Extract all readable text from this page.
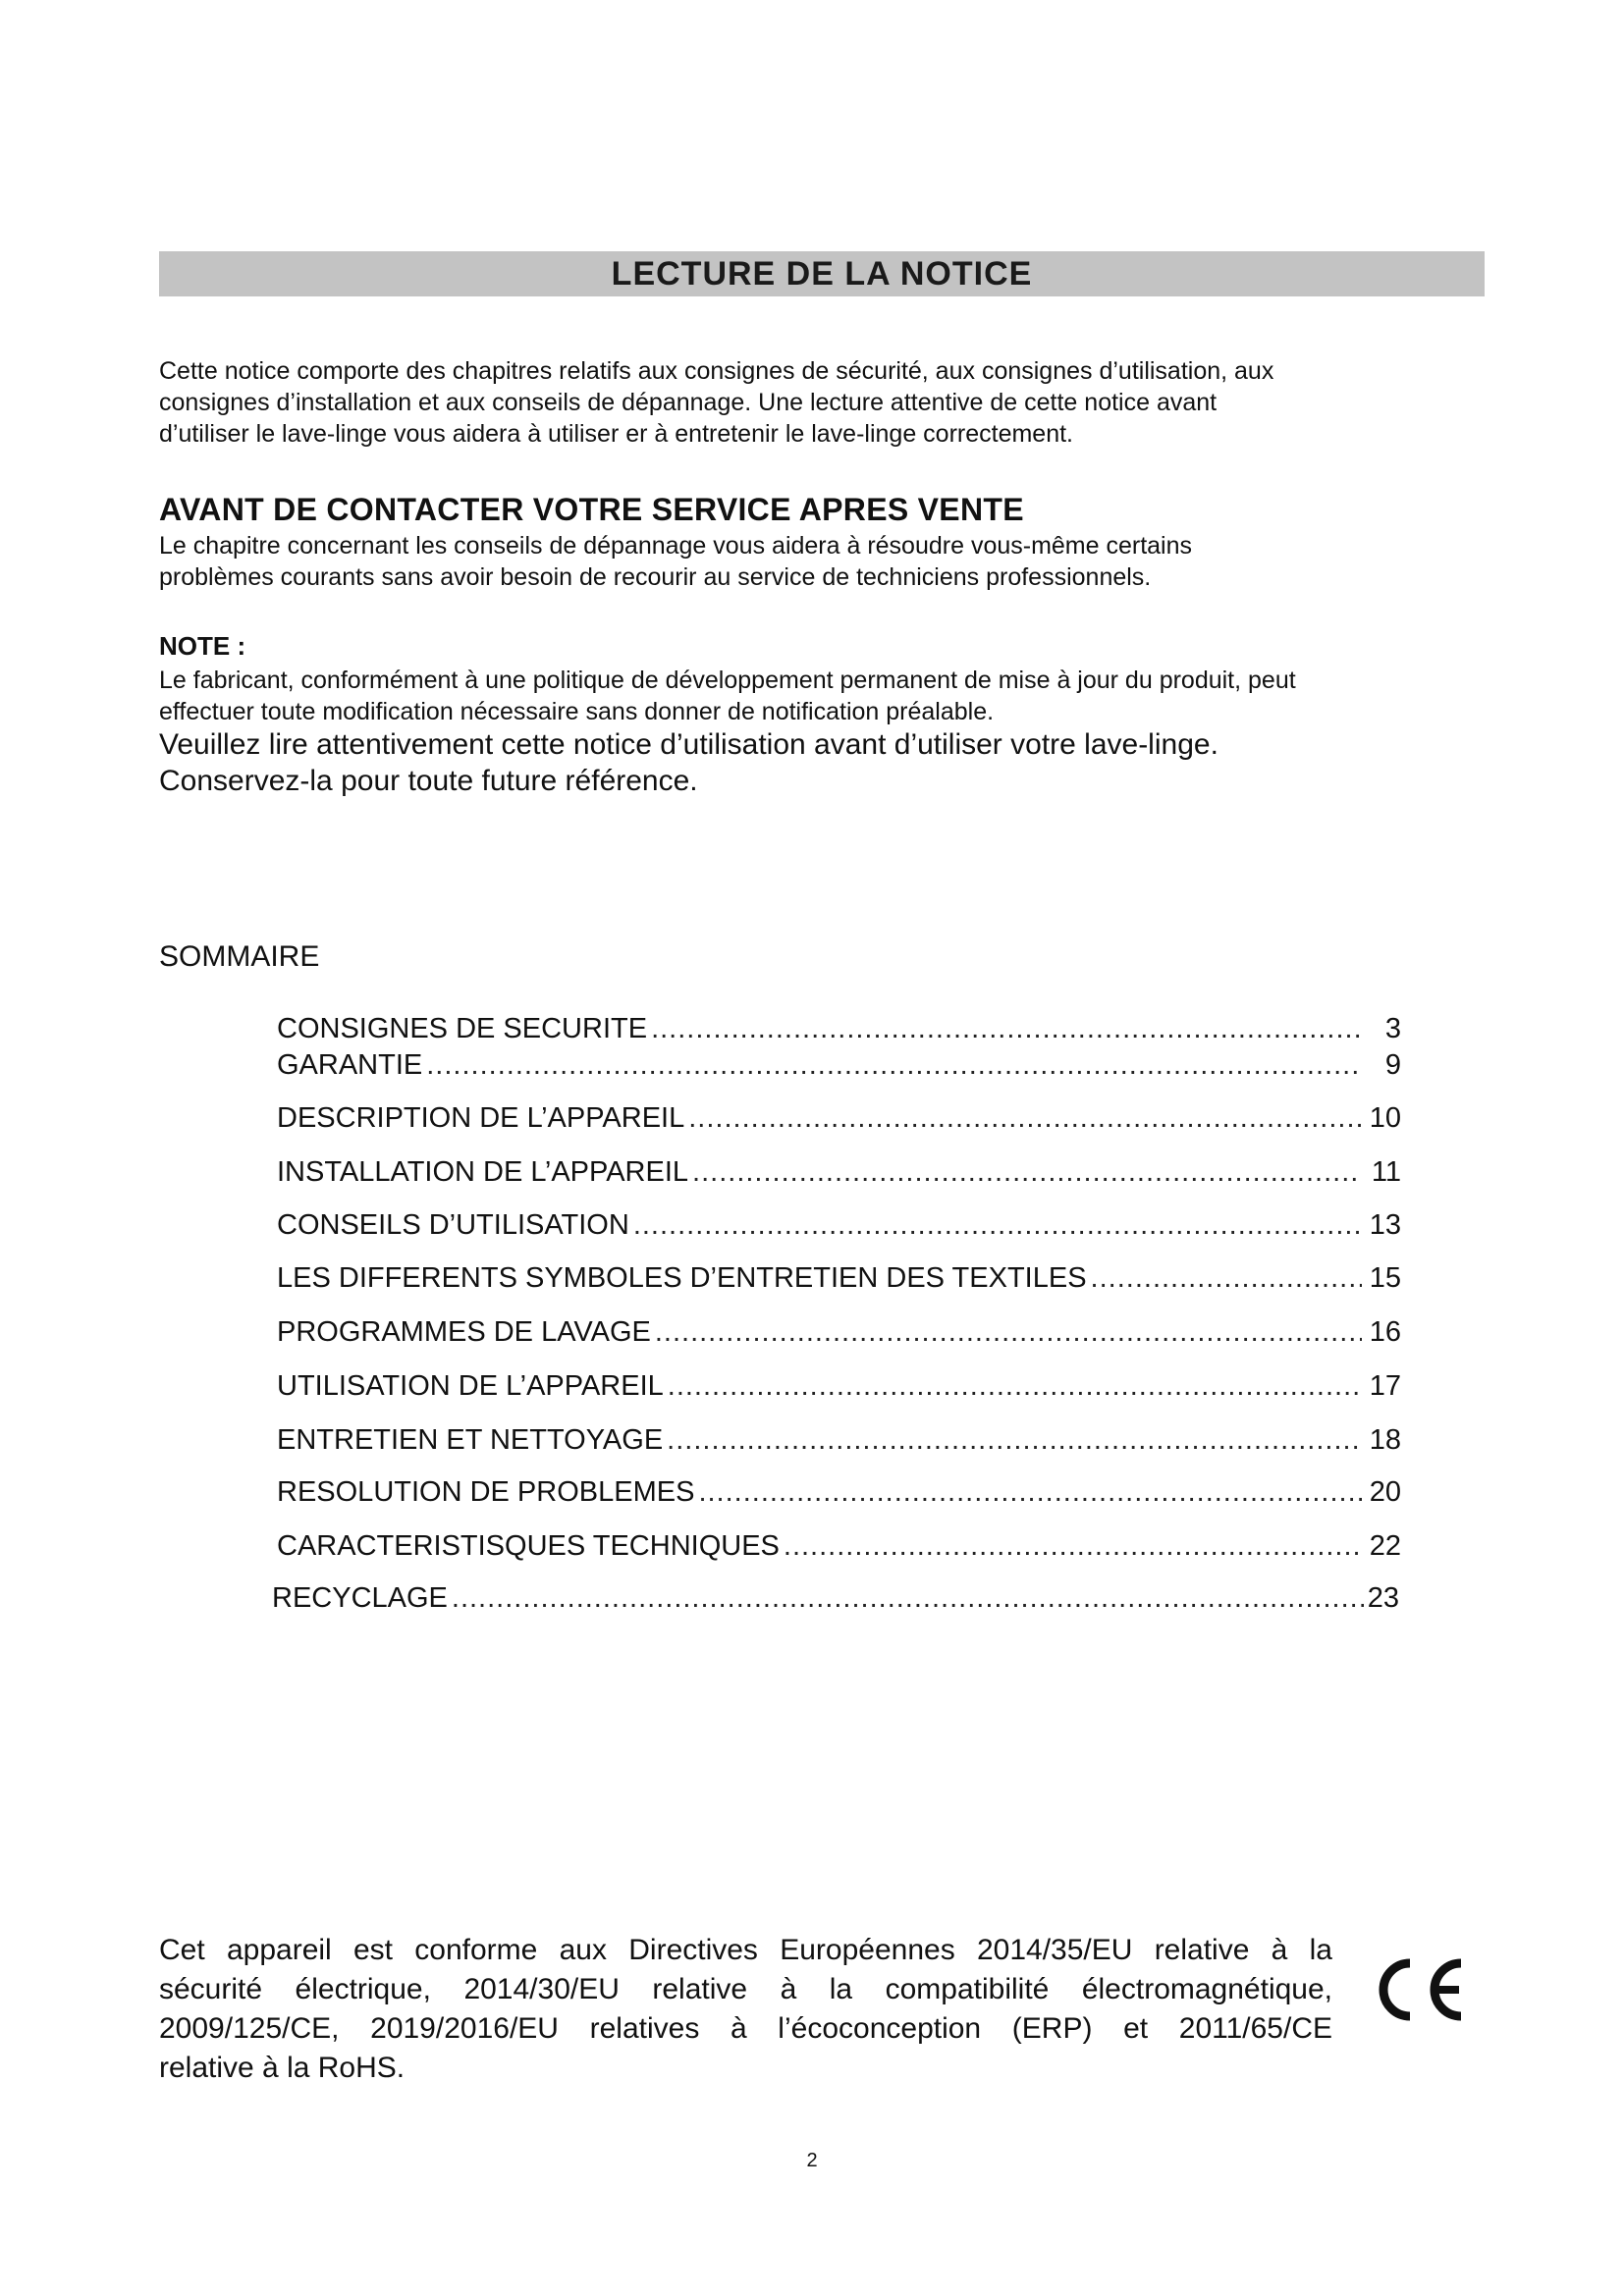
LECTURE DE LA NOTICE
Cette notice comporte des chapitres relatifs aux consignes de sécurité, aux consignes d’utilisation, aux
consignes d’installation et aux conseils de dépannage. Une lecture attentive de cette notice avant
d’utiliser le lave-linge vous aidera à utiliser er à entretenir le lave-linge correctement.
AVANT DE CONTACTER VOTRE SERVICE APRES VENTE
Le chapitre concernant les conseils de dépannage vous aidera à résoudre vous-même certains
problèmes courants sans avoir besoin de recourir au service de techniciens professionnels.
NOTE :
Le fabricant, conformément à une politique de développement permanent de mise à jour du produit, peut
effectuer toute modification nécessaire sans donner de notification préalable.
Veuillez lire attentivement cette notice d’utilisation avant d’utiliser votre lave-linge.
Conservez-la pour toute future référence.
SOMMAIRE
CONSIGNES DE SECURITE .....	3
GARANTIE .....	9
DESCRIPTION DE L’APPAREIL .....	10
INSTALLATION DE L’APPAREIL .....	11
CONSEILS D’UTILISATION .....	13
LES DIFFERENTS SYMBOLES D’ENTRETIEN DES TEXTILES .....	15
PROGRAMMES DE LAVAGE .....	16
UTILISATION DE L’APPAREIL .....	17
ENTRETIEN ET NETTOYAGE .....	18
RESOLUTION DE PROBLEMES .....	20
CARACTERISTISQUES TECHNIQUES .....	22
RECYCLAGE .....	23
Cet appareil est conforme aux Directives Européennes 2014/35/EU relative à la
sécurité électrique, 2014/30/EU relative à la compatibilité électromagnétique,
2009/125/CE, 2019/2016/EU relatives à l’écoconception (ERP) et 2011/65/CE
relative à la RoHS.
2
